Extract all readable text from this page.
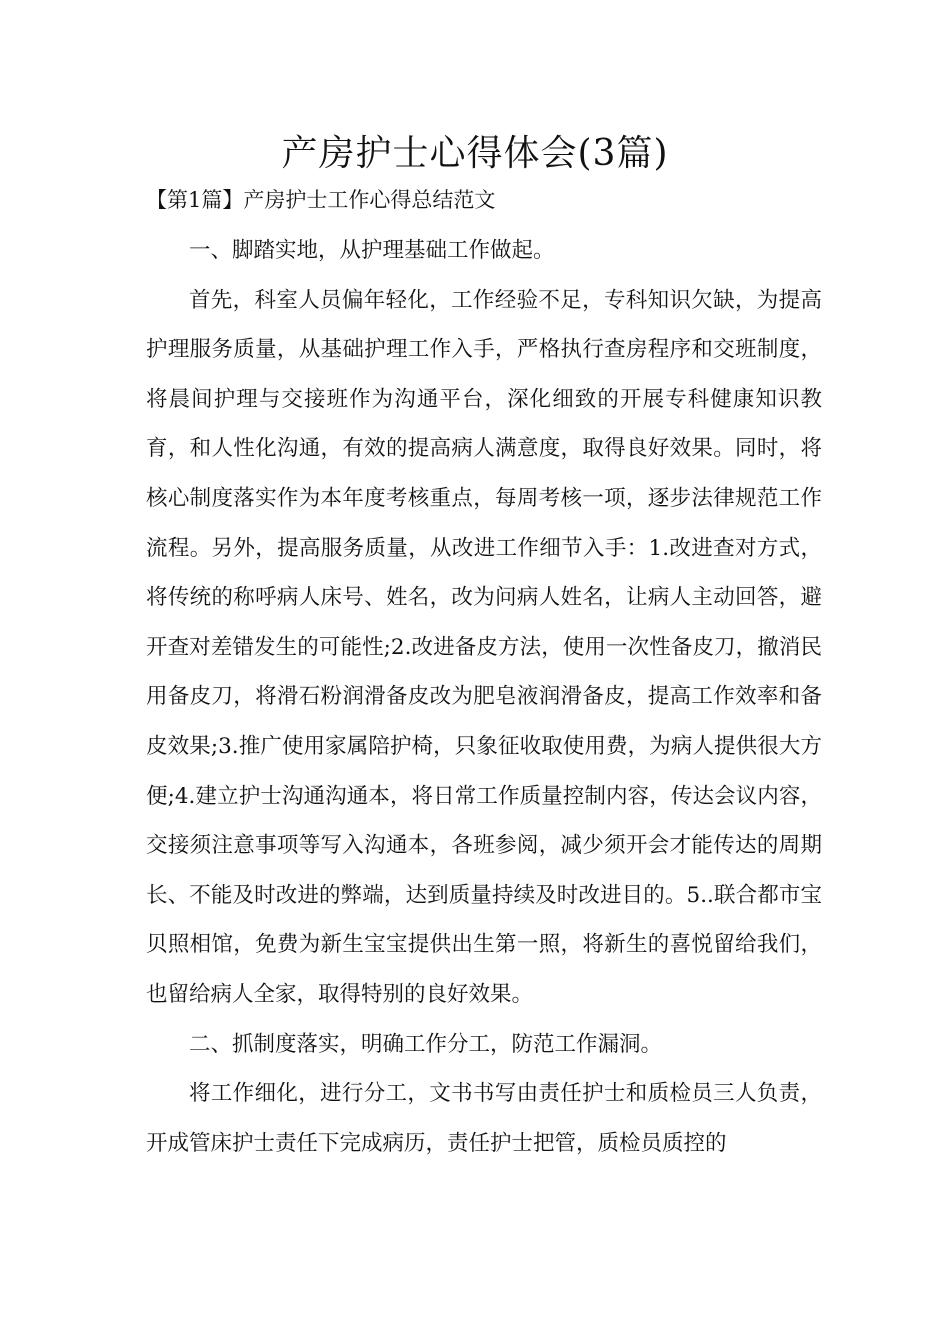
产房护士心得体会(3篇)

【第1篇】产房护士工作心得总结范文

一、脚踏实地，从护理基础工作做起。

首先，科室人员偏年轻化，工作经验不足，专科知识欠缺，为提高护理服务质量，从基础护理工作入手，严格执行查房程序和交班制度，将晨间护理与交接班作为沟通平台，深化细致的开展专科健康知识教育，和人性化沟通，有效的提高病人满意度，取得良好效果。同时，将核心制度落实作为本年度考核重点，每周考核一项，逐步法律规范工作流程。另外，提高服务质量，从改进工作细节入手：1.改进查对方式，将传统的称呼病人床号、姓名，改为问病人姓名，让病人主动回答，避开查对差错发生的可能性;2.改进备皮方法，使用一次性备皮刀，撤消民用备皮刀，将滑石粉润滑备皮改为肥皂液润滑备皮，提高工作效率和备皮效果;3.推广使用家属陪护椅，只象征收取使用费，为病人提供很大方便;4.建立护士沟通沟通本，将日常工作质量控制内容，传达会议内容，交接须注意事项等写入沟通本，各班参阅，减少须开会才能传达的周期长、不能及时改进的弊端，达到质量持续及时改进目的。5..联合都市宝贝照相馆，免费为新生宝宝提供出生第一照，将新生的喜悦留给我们，也留给病人全家，取得特别的良好效果。

二、抓制度落实，明确工作分工，防范工作漏洞。

将工作细化，进行分工，文书书写由责任护士和质检员三人负责，开成管床护士责任下完成病历，责任护士把管，质检员质控的
